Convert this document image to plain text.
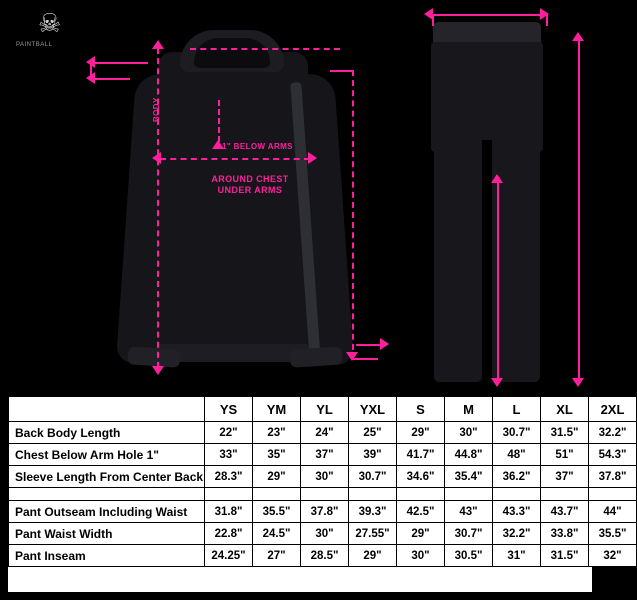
☠
PAINTBALL
BODY
1" BELOW ARMS
AROUND CHEST
UNDER ARMS
	YS	YM	YL	YXL	S	M	L	XL	2XL
Back Body Length	22"	23"	24"	25"	29"	30"	30.7"	31.5"	32.2"
Chest Below Arm Hole 1"	33"	35"	37"	39"	41.7"	44.8"	48"	51"	54.3"
Sleeve Length From Center Back	28.3"	29"	30"	30.7"	34.6"	35.4"	36.2"	37"	37.8"

Pant Outseam Including Waist	31.8"	35.5"	37.8"	39.3"	42.5"	43"	43.3"	43.7"	44"
Pant Waist Width	22.8"	24.5"	30"	27.55"	29"	30.7"	32.2"	33.8"	35.5"
Pant Inseam	24.25"	27"	28.5"	29"	30"	30.5"	31"	31.5"	32"
